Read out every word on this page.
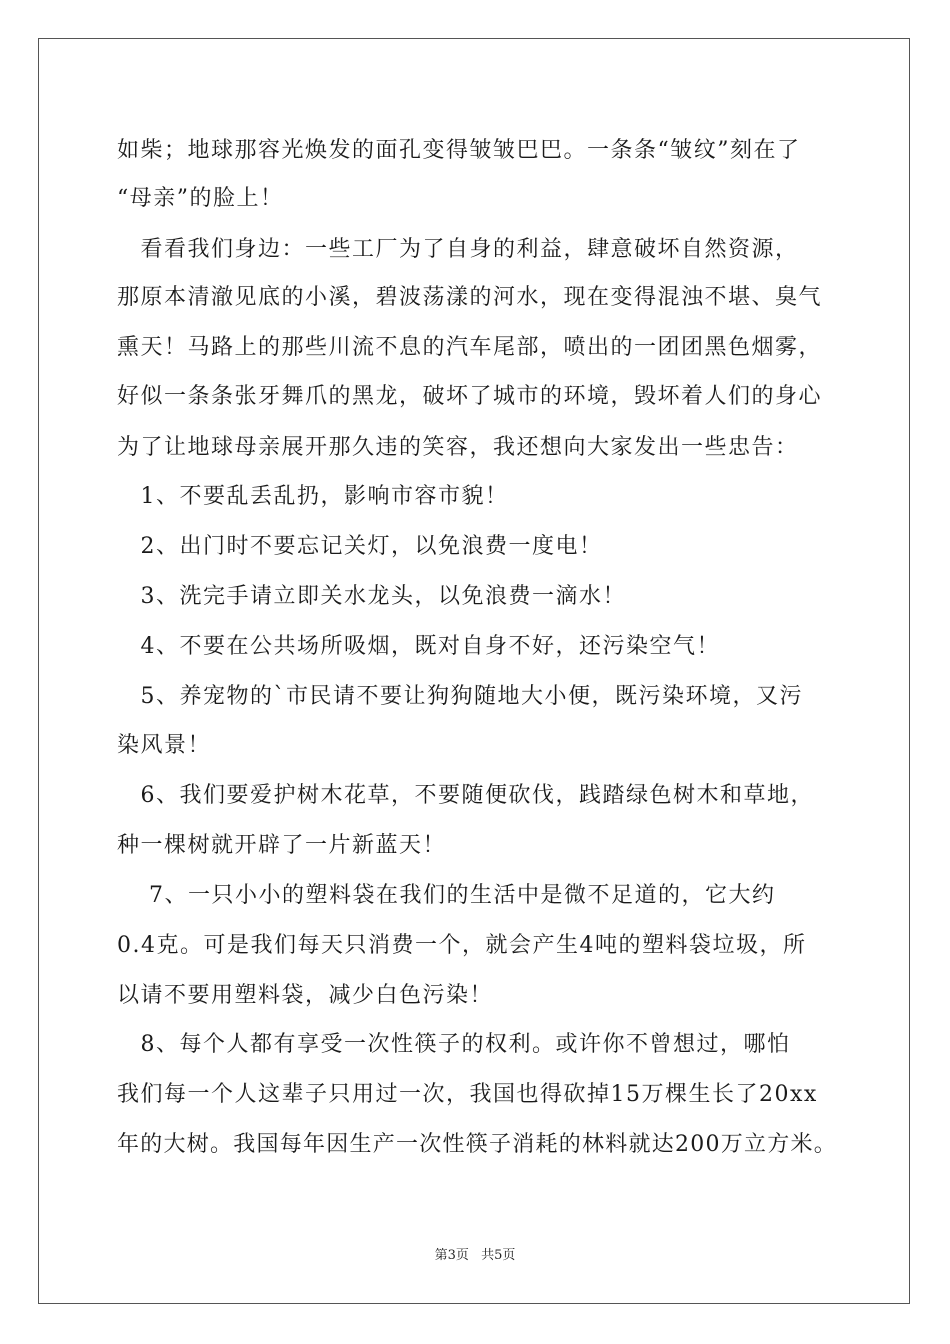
如柴；地球那容光焕发的面孔变得皱皱巴巴。一条条“皱纹”刻在了
“母亲”的脸上！
　看看我们身边：一些工厂为了自身的利益，肆意破坏自然资源，
那原本清澈见底的小溪，碧波荡漾的河水，现在变得混浊不堪、臭气
熏天！马路上的那些川流不息的汽车尾部，喷出的一团团黑色烟雾，
好似一条条张牙舞爪的黑龙，破坏了城市的环境，毁坏着人们的身心
为了让地球母亲展开那久违的笑容，我还想向大家发出一些忠告：
　1、不要乱丢乱扔，影响市容市貌！
　2、出门时不要忘记关灯，以免浪费一度电！
　3、洗完手请立即关水龙头，以免浪费一滴水！
　4、不要在公共场所吸烟，既对自身不好，还污染空气！
　5、养宠物的`市民请不要让狗狗随地大小便，既污染环境，又污
染风景！
　6、我们要爱护树木花草，不要随便砍伐，践踏绿色树木和草地，
种一棵树就开辟了一片新蓝天！
　 7、一只小小的塑料袋在我们的生活中是微不足道的，它大约
0.4克。可是我们每天只消费一个，就会产生4吨的塑料袋垃圾，所
以请不要用塑料袋，减少白色污染！
　8、每个人都有享受一次性筷子的权利。或许你不曾想过，哪怕
我们每一个人这辈子只用过一次，我国也得砍掉15万棵生长了20xx
年的大树。我国每年因生产一次性筷子消耗的林料就达200万立方米。
第3页 共5页
